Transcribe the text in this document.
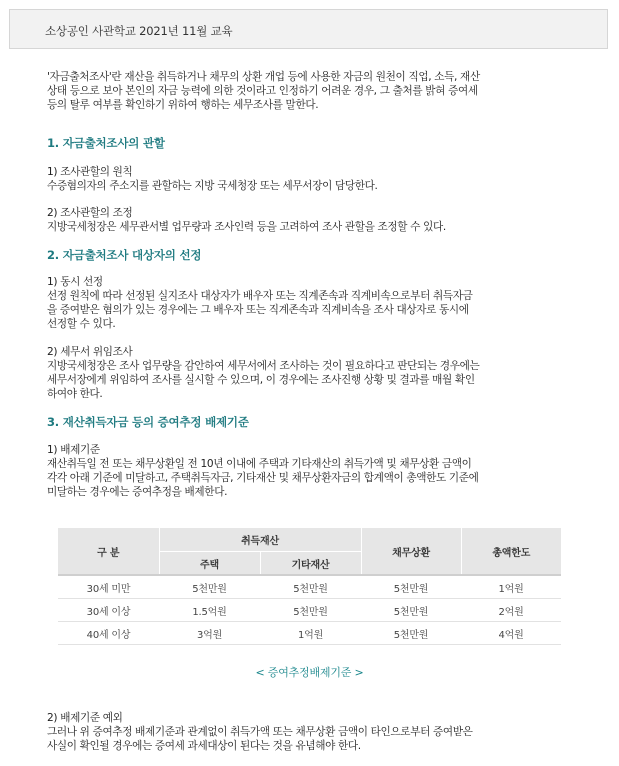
소상공인 사관학교 2021년 11월 교육

'자금출처조사'란 재산을 취득하거나 채무의 상환 개업 등에 사용한 자금의 원천이 직업, 소득, 재산

상태 등으로 보아 본인의 자금 능력에 의한 것이라고 인정하기 어려운 경우, 그 출처를 밝혀 증여세

등의 탈루 여부를 확인하기 위하여 행하는 세무조사를 말한다.

1. 자금출처조사의 관할

1) 조사관할의 원칙

수증혐의자의 주소지를 관할하는 지방 국세청장 또는 세무서장이 담당한다.

2) 조사관할의 조정

지방국세청장은 세무관서별 업무량과 조사인력 등을 고려하여 조사 관할을 조정할 수 있다.

2. 자금출처조사 대상자의 선정

1) 동시 선정

선정 원칙에 따라 선정된 실지조사 대상자가 배우자 또는 직계존속과 직계비속으로부터 취득자금

을 증여받은 혐의가 있는 경우에는 그 배우자 또는 직계존속과 직계비속을 조사 대상자로 동시에

선정할 수 있다.

2) 세무서 위임조사

지방국세청장은 조사 업무량을 감안하여 세무서에서 조사하는 것이 필요하다고 판단되는 경우에는

세무서장에게 위임하여 조사를 실시할 수 있으며, 이 경우에는 조사진행 상황 및 결과를 매월 확인

하여야 한다.

3. 재산취득자금 등의 증여추정 배제기준

1) 배제기준

재산취득일 전 또는 채무상환일 전 10년 이내에 주택과 기타재산의 취득가액 및 채무상환 금액이

각각 아래 기준에 미달하고, 주택취득자금, 기타재산 및 채무상환자금의 합계액이 총액한도 기준에

미달하는 경우에는 증여추정을 배제한다.

2) 배제기준 예외

그러나 위 증여추정 배제기준과 관계없이 취득가액 또는 채무상환 금액이 타인으로부터 증여받은

사실이 확인될 경우에는 증여세 과세대상이 된다는 것을 유념해야 한다.

구 분	취득재산		채무상환	총액한도
	주택	기타재산		
30세 미만	5천만원	5천만원	5천만원	1억원
30세 이상	1.5억원	5천만원	5천만원	2억원
40세 이상	3억원	1억원	5천만원	4억원
< 증여추정배제기준 >
